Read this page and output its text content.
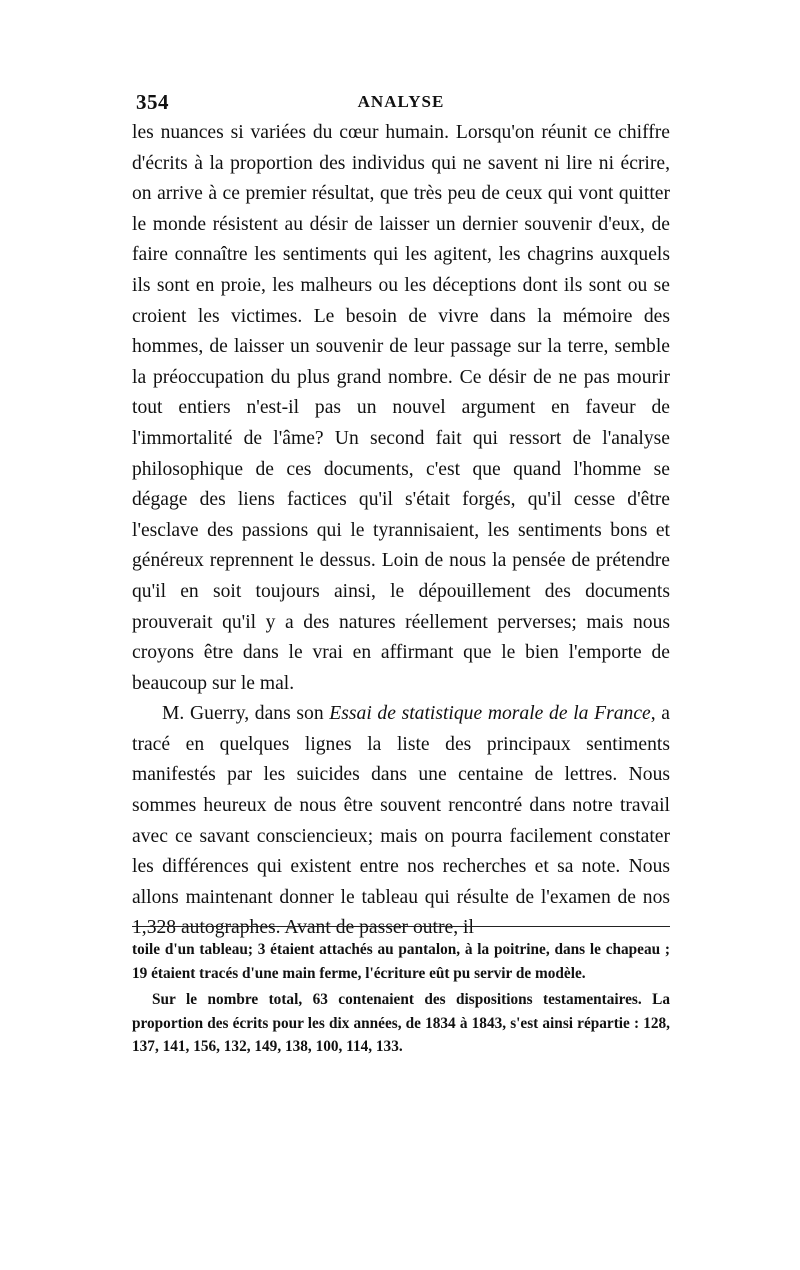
354	ANALYSE

les nuances si variées du cœur humain. Lorsqu'on réunit ce chiffre d'écrits à la proportion des individus qui ne savent ni lire ni écrire, on arrive à ce premier résultat, que très peu de ceux qui vont quitter le monde résistent au désir de laisser un dernier souvenir d'eux, de faire connaître les sentiments qui les agitent, les chagrins auxquels ils sont en proie, les malheurs ou les déceptions dont ils sont ou se croient les victimes. Le besoin de vivre dans la mémoire des hommes, de laisser un souvenir de leur passage sur la terre, semble la préoccupation du plus grand nombre. Ce désir de ne pas mourir tout entiers n'est-il pas un nouvel argument en faveur de l'immortalité de l'âme? Un second fait qui ressort de l'analyse philosophique de ces documents, c'est que quand l'homme se dégage des liens factices qu'il s'était forgés, qu'il cesse d'être l'esclave des passions qui le tyrannisaient, les sentiments bons et généreux reprennent le dessus. Loin de nous la pensée de prétendre qu'il en soit toujours ainsi, le dépouillement des documents prouverait qu'il y a des natures réellement perverses; mais nous croyons être dans le vrai en affirmant que le bien l'emporte de beaucoup sur le mal.

M. Guerry, dans son Essai de statistique morale de la France, a tracé en quelques lignes la liste des principaux sentiments manifestés par les suicides dans une centaine de lettres. Nous sommes heureux de nous être souvent rencontré dans notre travail avec ce savant consciencieux; mais on pourra facilement constater les différences qui existent entre nos recherches et sa note. Nous allons maintenant donner le tableau qui résulte de l'examen de nos 1,328 autographes. Avant de passer outre, il

toile d'un tableau; 3 étaient attachés au pantalon, à la poitrine, dans le chapeau ; 19 étaient tracés d'une main ferme, l'écriture eût pu servir de modèle.

Sur le nombre total, 63 contenaient des dispositions testamentaires. La proportion des écrits pour les dix années, de 1834 à 1843, s'est ainsi répartie : 128, 137, 141, 156, 132, 149, 138, 100, 114, 133.
